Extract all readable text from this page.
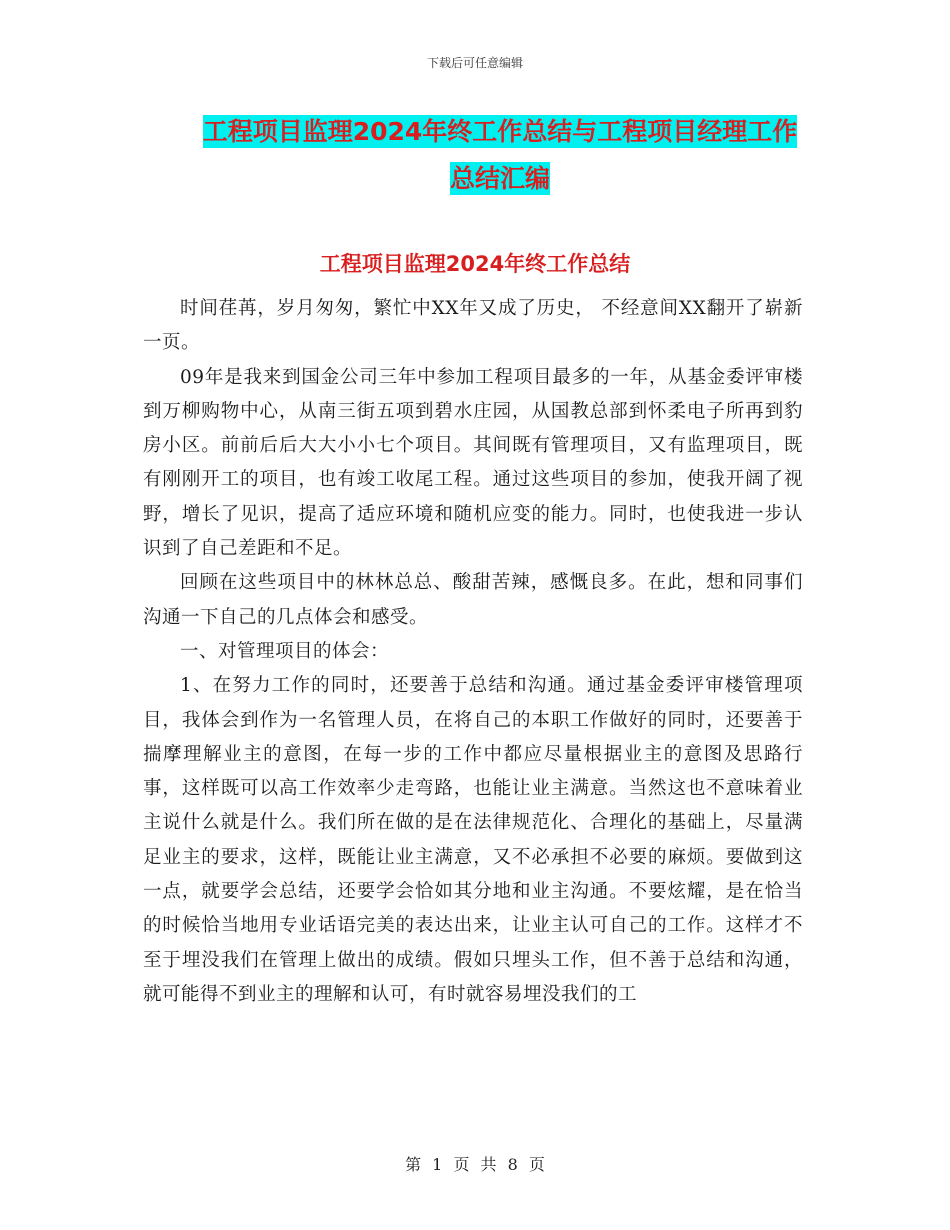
下载后可任意编辑
工程项目监理2024年终工作总结与工程项目经理工作
总结汇编
工程项目监理2024年终工作总结

时间荏苒，岁月匆匆，繁忙中XX年又成了历史， 不经意间XX翻开了崭新一页。

09年是我来到国金公司三年中参加工程项目最多的一年，从基金委评审楼到万柳购物中心，从南三街五项到碧水庄园，从国教总部到怀柔电子所再到豹房小区。前前后后大大小小七个项目。其间既有管理项目，又有监理项目，既有刚刚开工的项目，也有竣工收尾工程。通过这些项目的参加，使我开阔了视野，增长了见识，提高了适应环境和随机应变的能力。同时，也使我进一步认识到了自己差距和不足。

回顾在这些项目中的林林总总、酸甜苦辣，感慨良多。在此，想和同事们沟通一下自己的几点体会和感受。

一、对管理项目的体会：

1、在努力工作的同时，还要善于总结和沟通。通过基金委评审楼管理项目，我体会到作为一名管理人员，在将自己的本职工作做好的同时，还要善于揣摩理解业主的意图，在每一步的工作中都应尽量根据业主的意图及思路行事，这样既可以高工作效率少走弯路，也能让业主满意。当然这也不意味着业主说什么就是什么。我们所在做的是在法律规范化、合理化的基础上，尽量满足业主的要求，这样，既能让业主满意，又不必承担不必要的麻烦。要做到这一点，就要学会总结，还要学会恰如其分地和业主沟通。不要炫耀，是在恰当的时候恰当地用专业话语完美的表达出来，让业主认可自己的工作。这样才不至于埋没我们在管理上做出的成绩。假如只埋头工作，但不善于总结和沟通，就可能得不到业主的理解和认可，有时就容易埋没我们的工

第 1 页 共 8 页
